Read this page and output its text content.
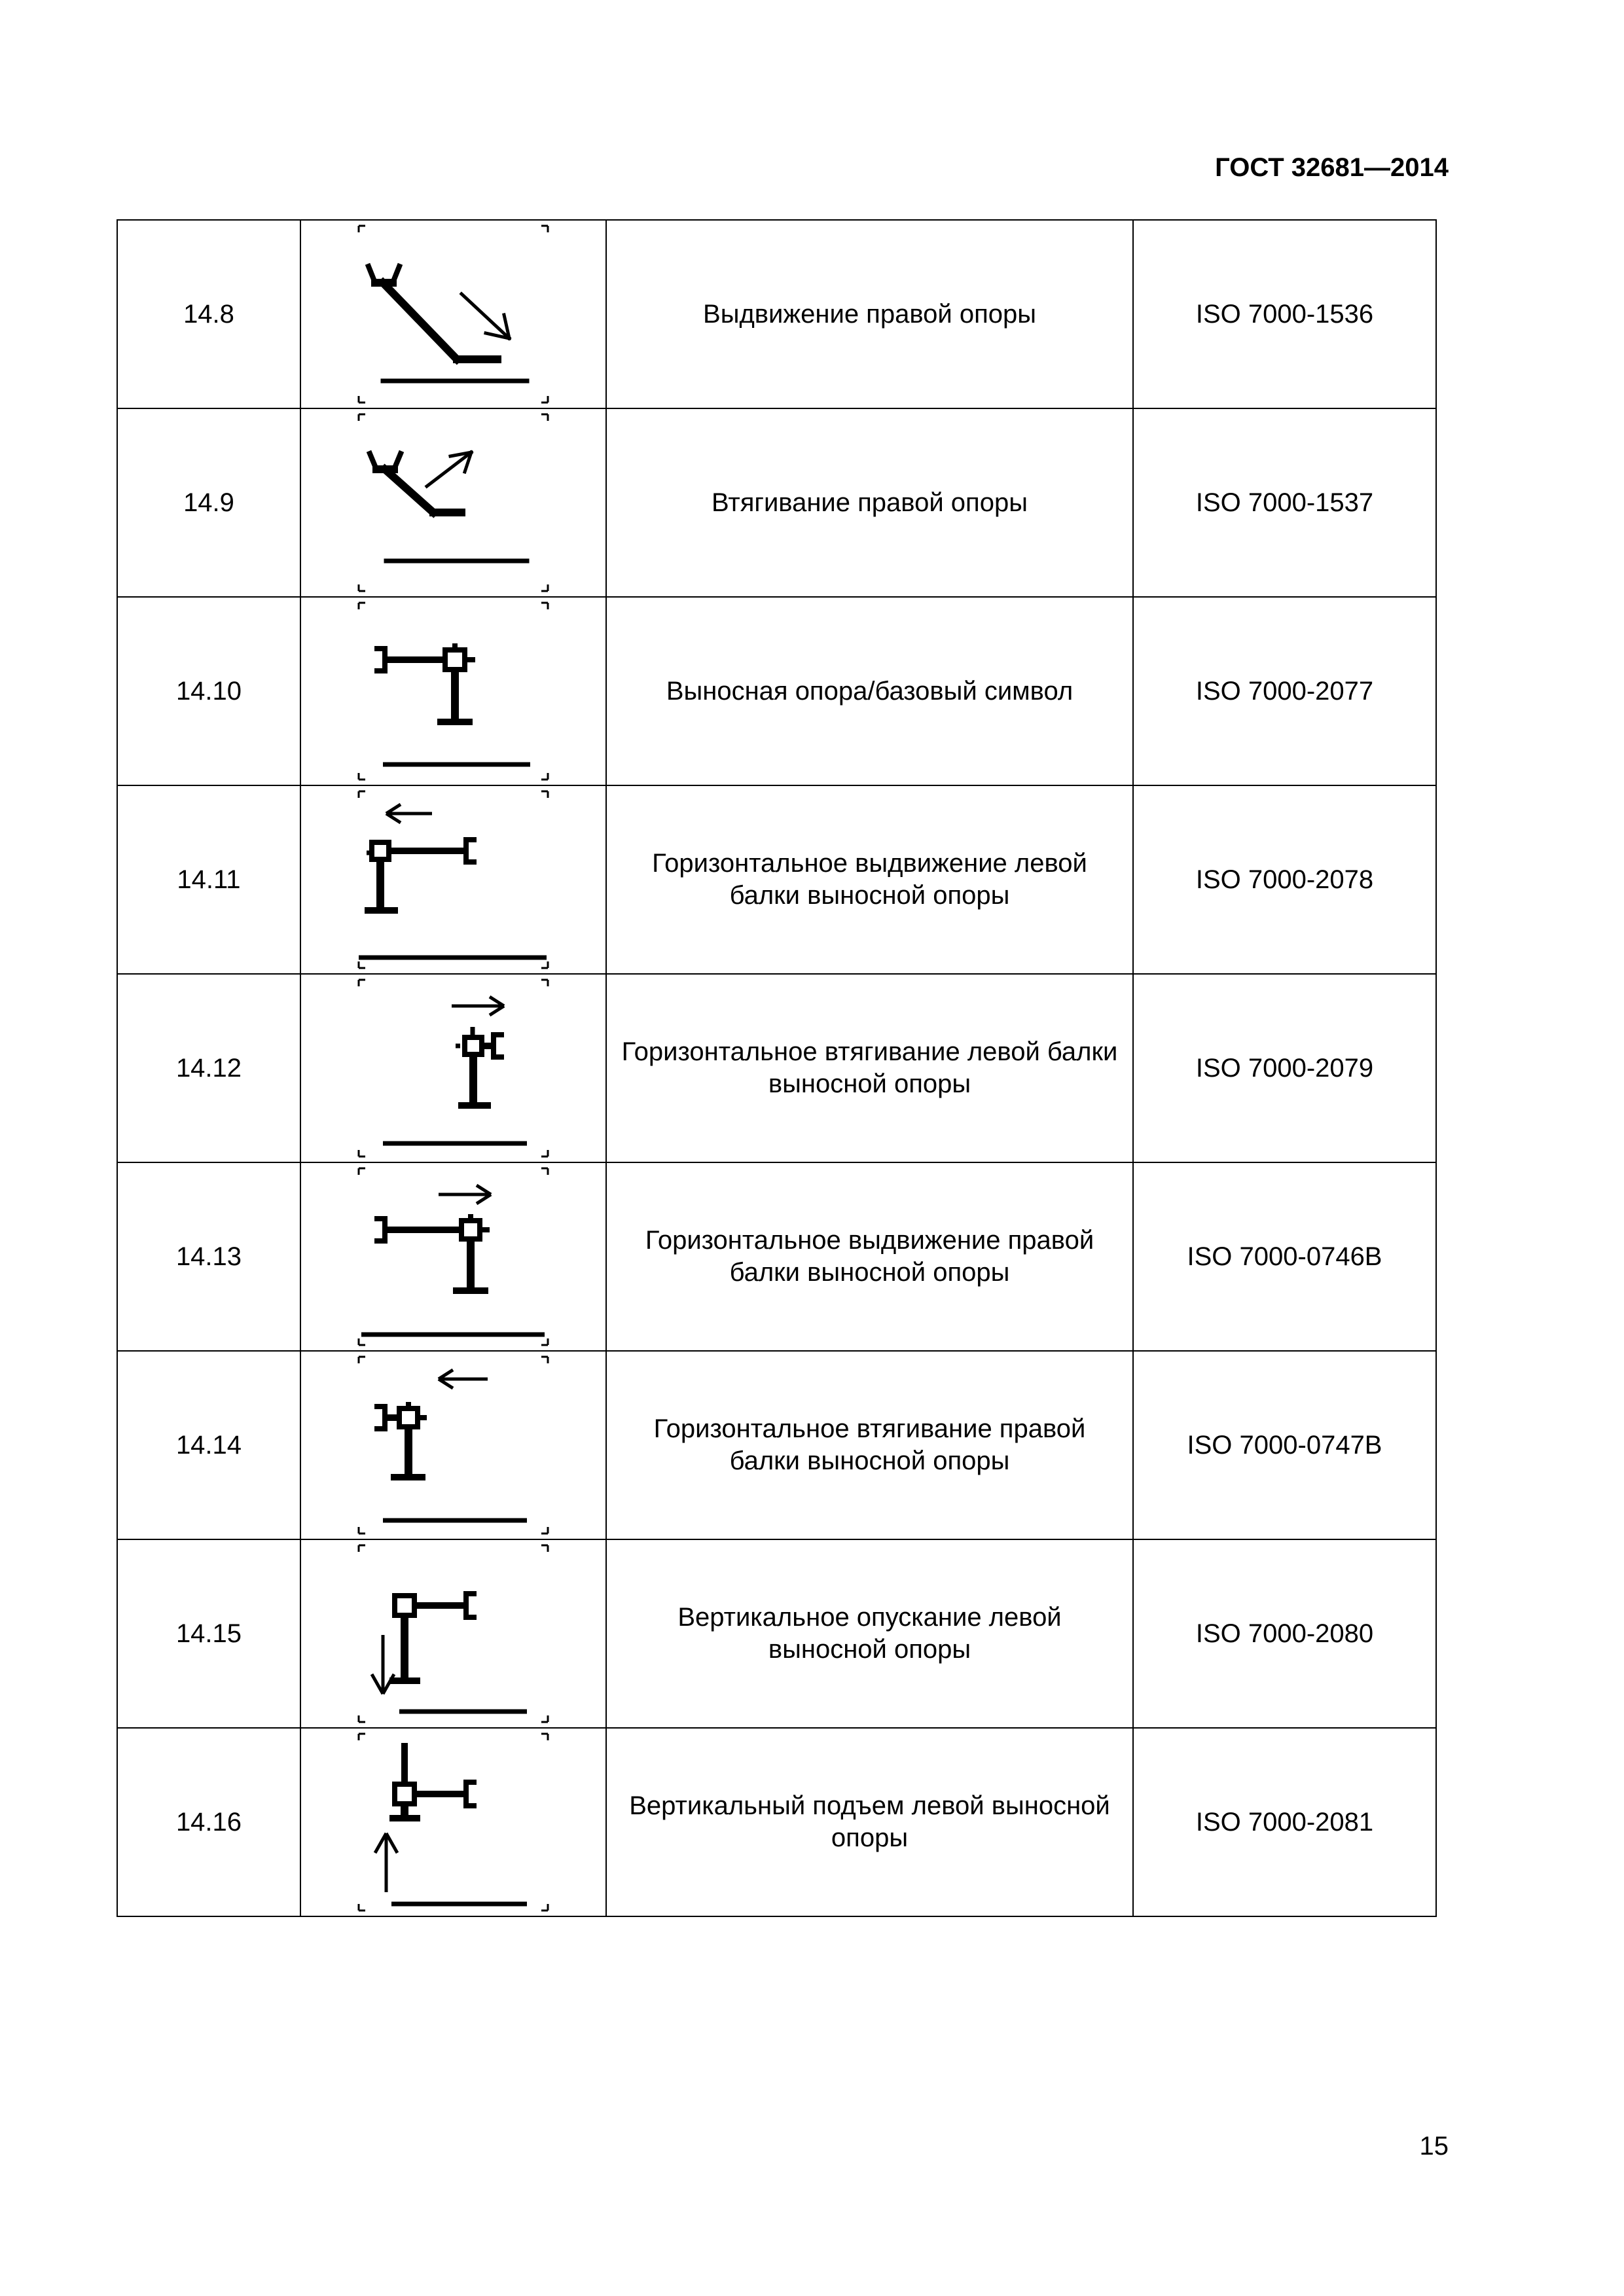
ГОСТ 32681—2014
14.8		Выдвижение правой опоры	ISO 7000-1536
14.9		Втягивание правой опоры	ISO 7000-1537
14.10		Выносная опора/базовый символ	ISO 7000-2077
14.11		Горизонтальное выдвижение левой балки выносной опоры	ISO 7000-2078
14.12		Горизонтальное втягивание левой балки выносной опоры	ISO 7000-2079
14.13		Горизонтальное выдвижение правой балки выносной опоры	ISO 7000-0746B
14.14		Горизонтальное втягивание правой балки выносной опоры	ISO 7000-0747B
14.15		Вертикальное опускание левой выносной опоры	ISO 7000-2080
14.16		Вертикальный подъем левой выносной опоры	ISO 7000-2081
15
